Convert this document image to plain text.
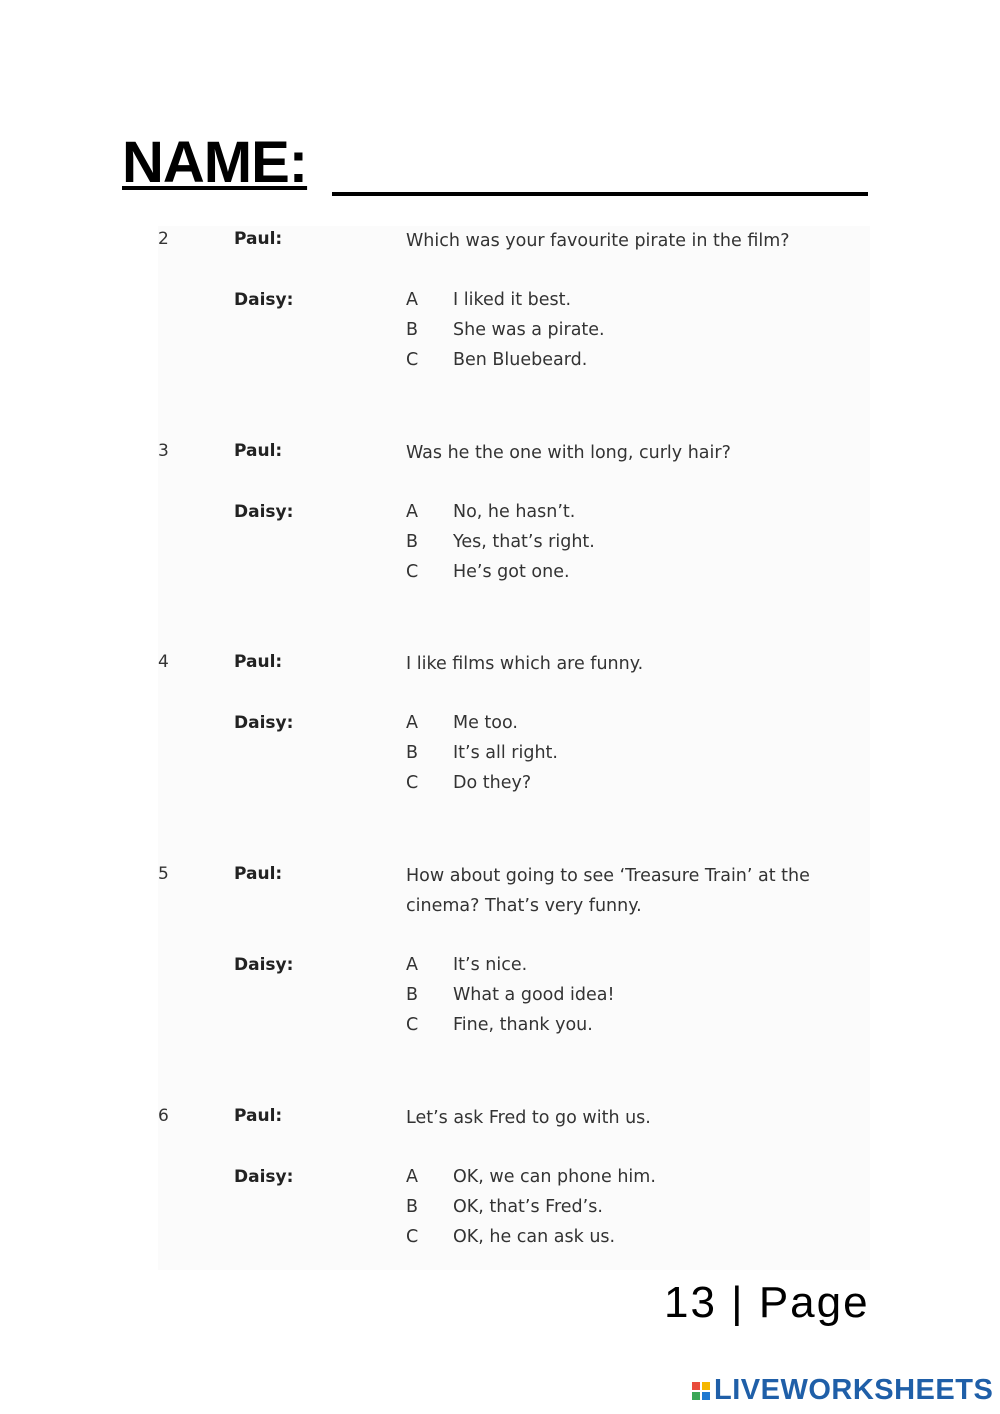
NAME:
2	Paul:	Which was your favourite pirate in the film?
Daisy:	A I liked it best.
B She was a pirate.
C Ben Bluebeard.
3	Paul:	Was he the one with long, curly hair?
Daisy:	A No, he hasn’t.
B Yes, that’s right.
C He’s got one.
4	Paul:	I like films which are funny.
Daisy:	A Me too.
B It’s all right.
C Do they?
5	Paul:	How about going to see ‘Treasure Train’ at the cinema? That’s very funny.
Daisy:	A It’s nice.
B What a good idea!
C Fine, thank you.
6	Paul:	Let’s ask Fred to go with us.
Daisy:	A OK, we can phone him.
B OK, that’s Fred’s.
C OK, he can ask us.
13 | Page
LIVEWORKSHEETS
